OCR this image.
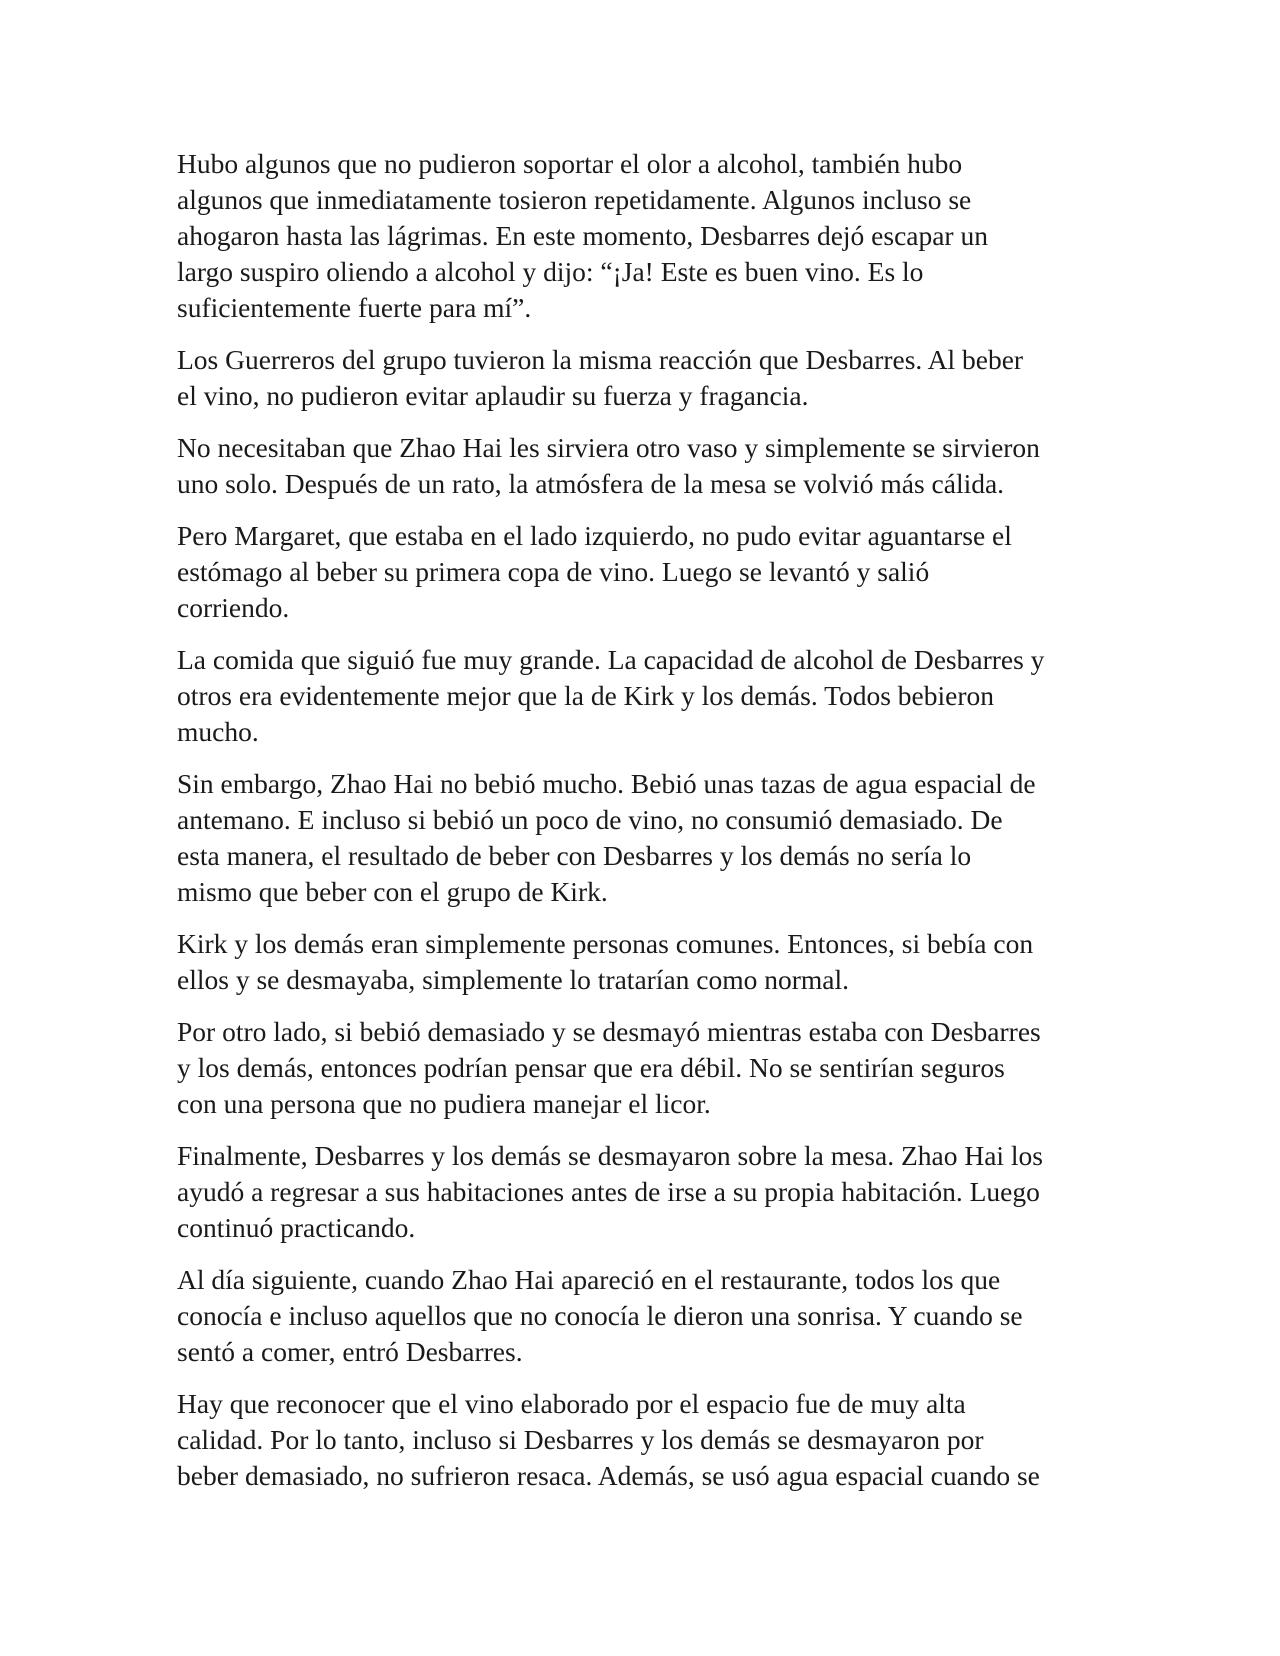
Hubo algunos que no pudieron soportar el olor a alcohol, también hubo
algunos que inmediatamente tosieron repetidamente. Algunos incluso se
ahogaron hasta las lágrimas. En este momento, Desbarres dejó escapar un
largo suspiro oliendo a alcohol y dijo: “¡Ja! Este es buen vino. Es lo
suficientemente fuerte para mí”.

Los Guerreros del grupo tuvieron la misma reacción que Desbarres. Al beber
el vino, no pudieron evitar aplaudir su fuerza y fragancia.

No necesitaban que Zhao Hai les sirviera otro vaso y simplemente se sirvieron
uno solo. Después de un rato, la atmósfera de la mesa se volvió más cálida.

Pero Margaret, que estaba en el lado izquierdo, no pudo evitar aguantarse el
estómago al beber su primera copa de vino. Luego se levantó y salió
corriendo.

La comida que siguió fue muy grande. La capacidad de alcohol de Desbarres y
otros era evidentemente mejor que la de Kirk y los demás. Todos bebieron
mucho.

Sin embargo, Zhao Hai no bebió mucho. Bebió unas tazas de agua espacial de
antemano. E incluso si bebió un poco de vino, no consumió demasiado. De
esta manera, el resultado de beber con Desbarres y los demás no sería lo
mismo que beber con el grupo de Kirk.

Kirk y los demás eran simplemente personas comunes. Entonces, si bebía con
ellos y se desmayaba, simplemente lo tratarían como normal.

Por otro lado, si bebió demasiado y se desmayó mientras estaba con Desbarres
y los demás, entonces podrían pensar que era débil. No se sentirían seguros
con una persona que no pudiera manejar el licor.

Finalmente, Desbarres y los demás se desmayaron sobre la mesa. Zhao Hai los
ayudó a regresar a sus habitaciones antes de irse a su propia habitación. Luego
continuó practicando.

Al día siguiente, cuando Zhao Hai apareció en el restaurante, todos los que
conocía e incluso aquellos que no conocía le dieron una sonrisa. Y cuando se
sentó a comer, entró Desbarres.

Hay que reconocer que el vino elaborado por el espacio fue de muy alta
calidad. Por lo tanto, incluso si Desbarres y los demás se desmayaron por
beber demasiado, no sufrieron resaca. Además, se usó agua espacial cuando se
